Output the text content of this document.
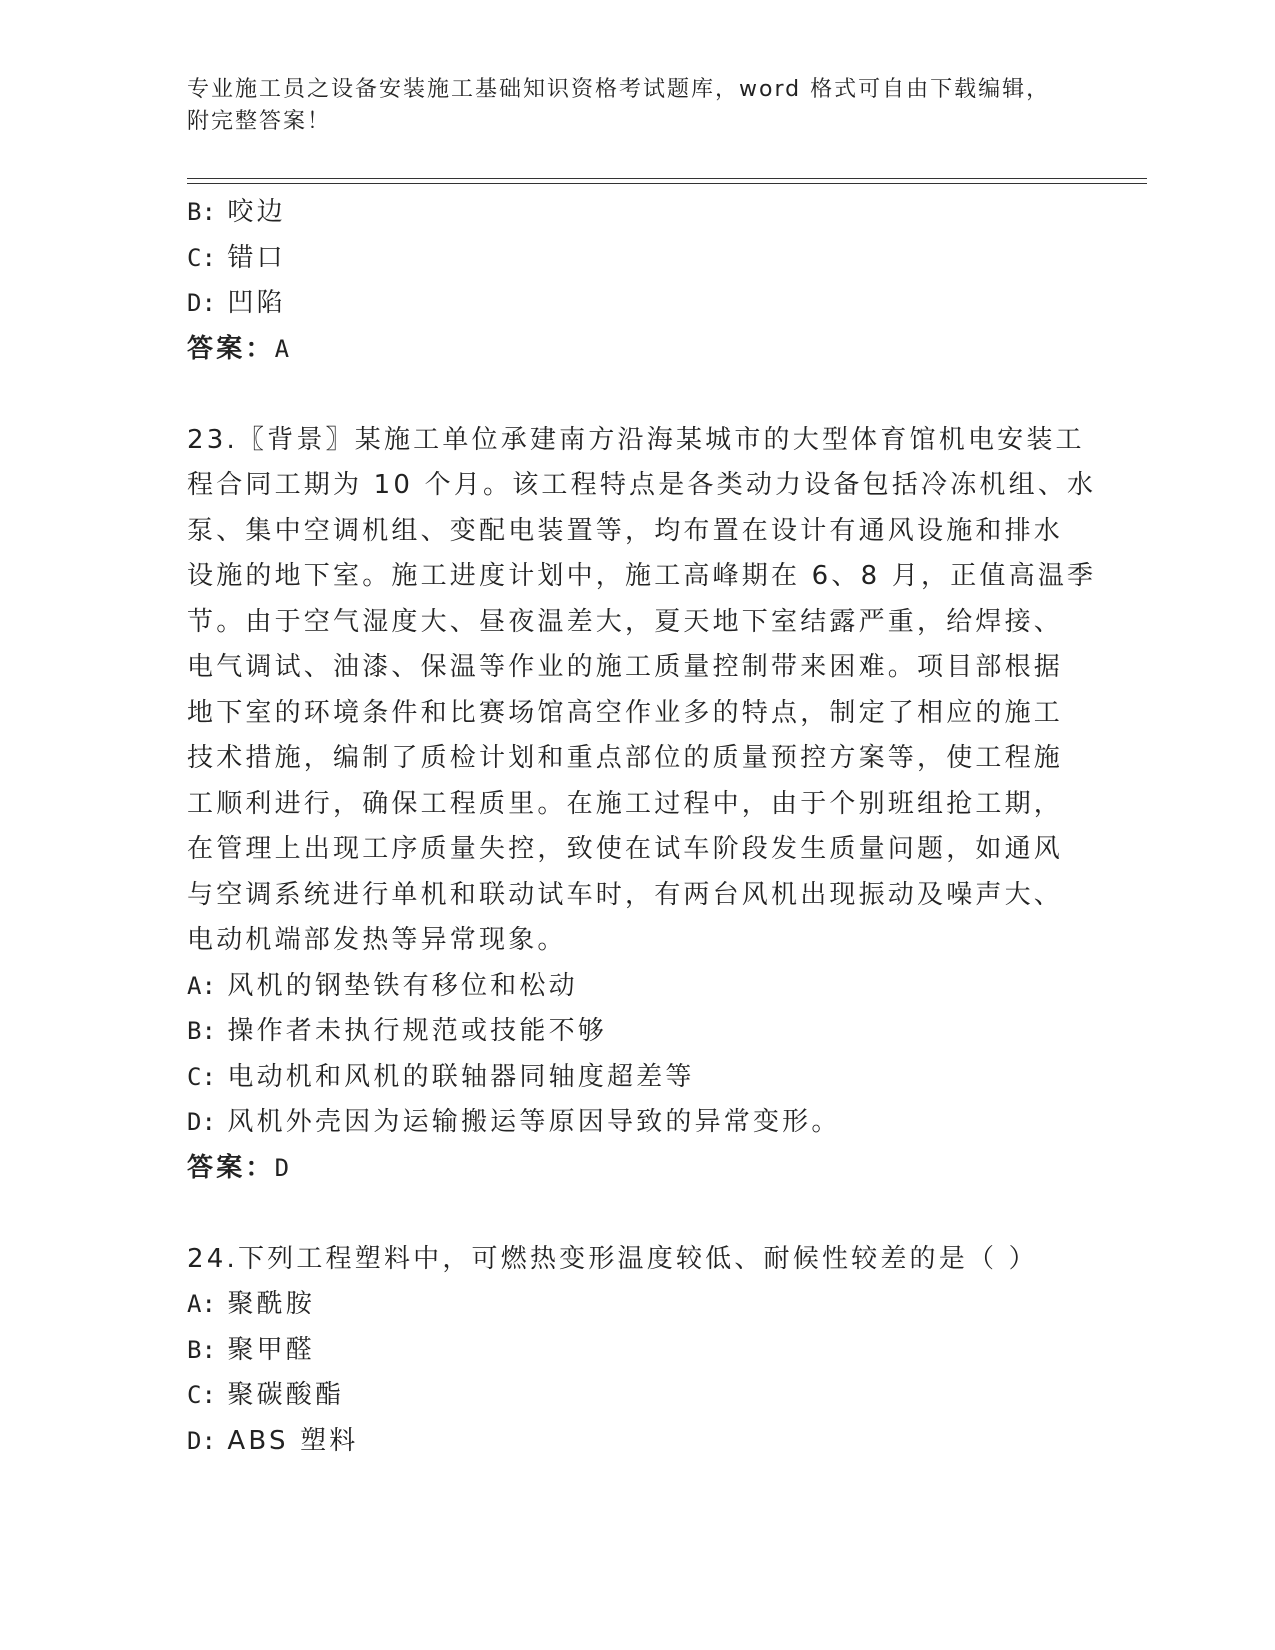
专业施工员之设备安装施工基础知识资格考试题库，word 格式可自由下载编辑，
附完整答案！
B: 咬边
C: 错口
D: 凹陷
答案：A
23.〖背景〗某施工单位承建南方沿海某城市的大型体育馆机电安装工
程合同工期为 10 个月。该工程特点是各类动力设备包括冷冻机组、水
泵、集中空调机组、变配电装置等，均布置在设计有通风设施和排水
设施的地下室。施工进度计划中，施工高峰期在 6、8 月，正值高温季
节。由于空气湿度大、昼夜温差大，夏天地下室结露严重，给焊接、
电气调试、油漆、保温等作业的施工质量控制带来困难。项目部根据
地下室的环境条件和比赛场馆高空作业多的特点，制定了相应的施工
技术措施，编制了质检计划和重点部位的质量预控方案等，使工程施
工顺利进行，确保工程质里。在施工过程中，由于个别班组抢工期，
在管理上出现工序质量失控，致使在试车阶段发生质量问题，如通风
与空调系统进行单机和联动试车时，有两台风机出现振动及噪声大、
电动机端部发热等异常现象。
A: 风机的钢垫铁有移位和松动
B: 操作者未执行规范或技能不够
C: 电动机和风机的联轴器同轴度超差等
D: 风机外壳因为运输搬运等原因导致的异常变形。
答案：D
24.下列工程塑料中，可燃热变形温度较低、耐候性较差的是（ ）
A: 聚酰胺
B: 聚甲醛
C: 聚碳酸酯
D: ABS 塑料
